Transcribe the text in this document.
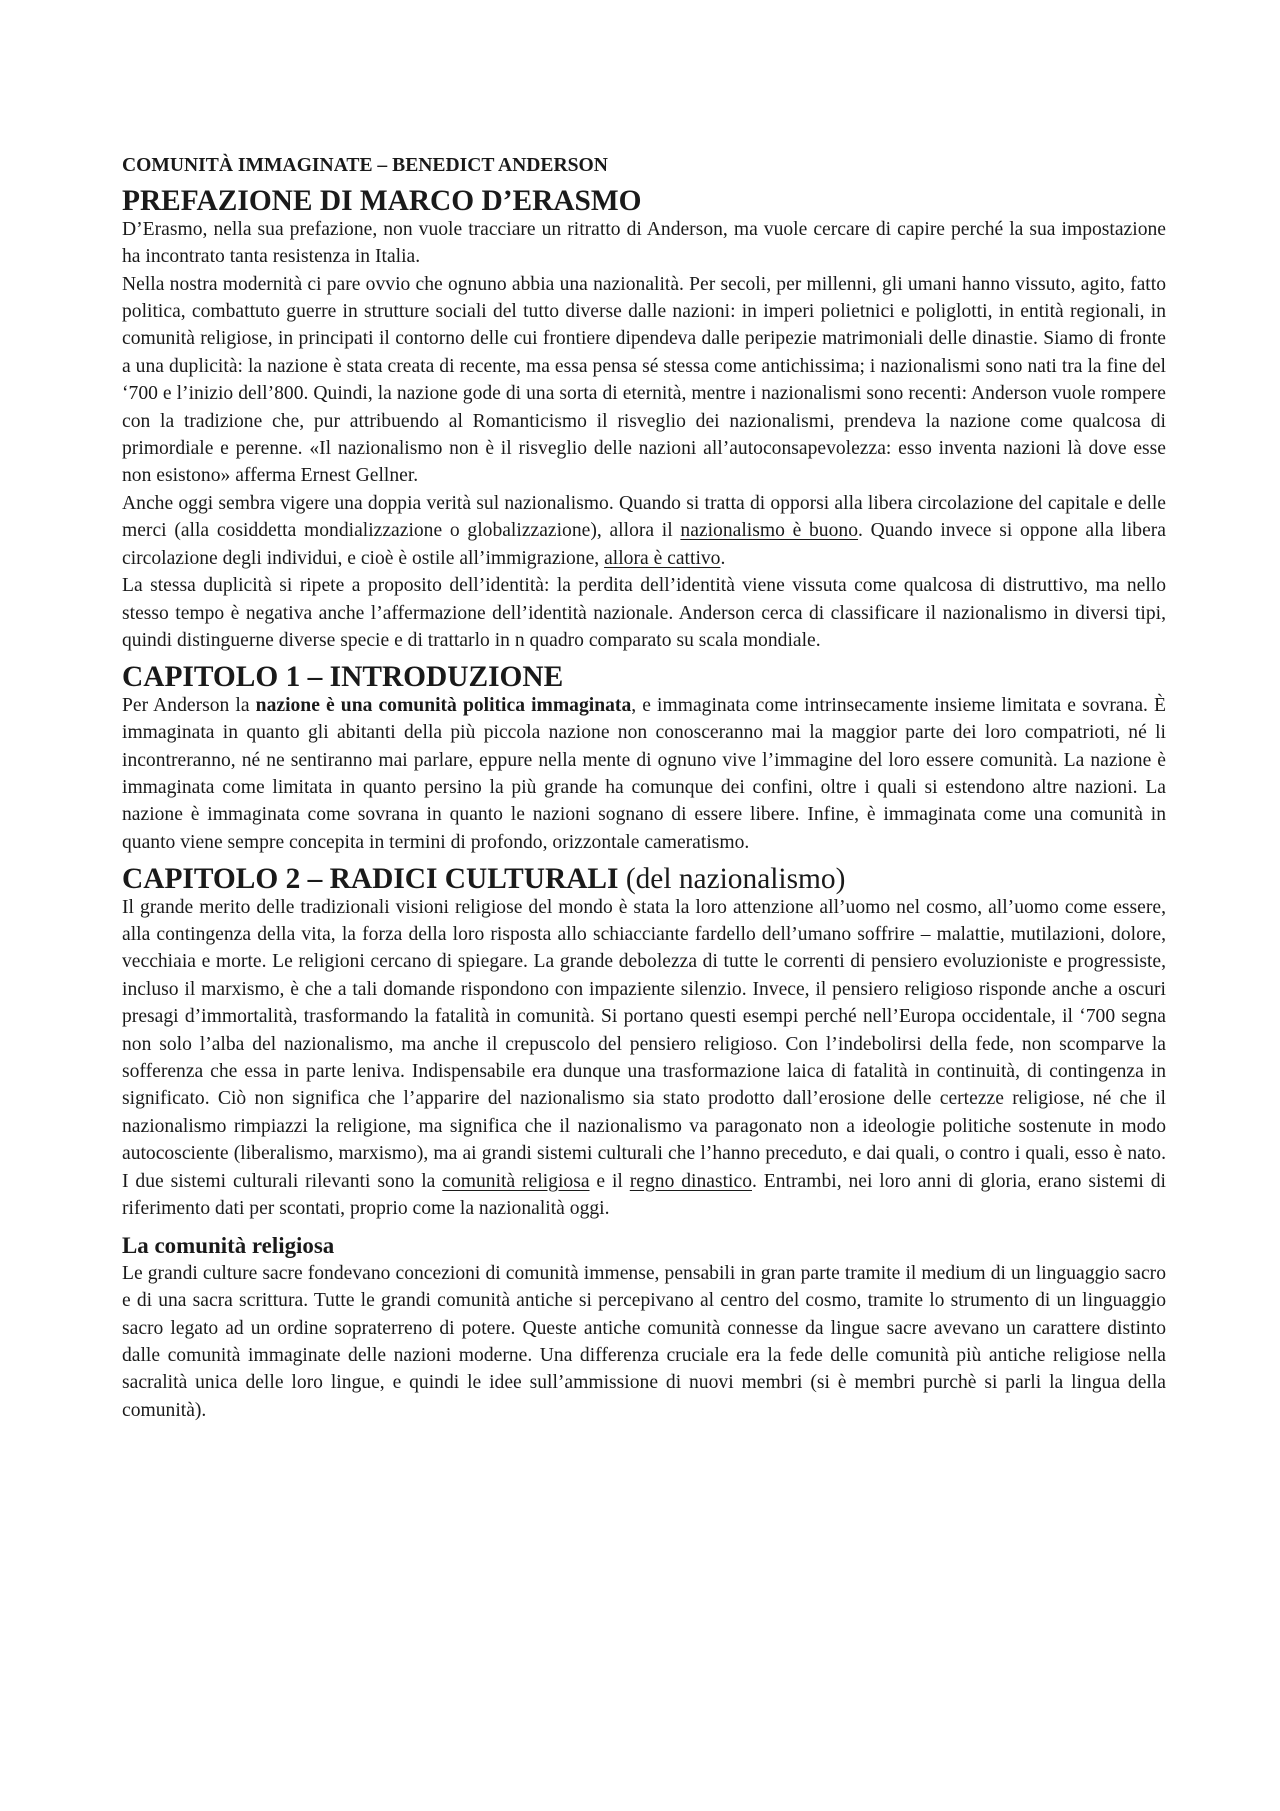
COMUNITÀ IMMAGINATE – BENEDICT ANDERSON
PREFAZIONE DI MARCO D’ERASMO

D’Erasmo, nella sua prefazione, non vuole tracciare un ritratto di Anderson, ma vuole cercare di capire perché la sua impostazione ha incontrato tanta resistenza in Italia.

Nella nostra modernità ci pare ovvio che ognuno abbia una nazionalità. Per secoli, per millenni, gli umani hanno vissuto, agito, fatto politica, combattuto guerre in strutture sociali del tutto diverse dalle nazioni: in imperi polietnici e poliglotti, in entità regionali, in comunità religiose, in principati il contorno delle cui frontiere dipendeva dalle peripezie matrimoniali delle dinastie. Siamo di fronte a una duplicità: la nazione è stata creata di recente, ma essa pensa sé stessa come antichissima; i nazionalismi sono nati tra la fine del ‘700 e l’inizio dell’800. Quindi, la nazione gode di una sorta di eternità, mentre i nazionalismi sono recenti: Anderson vuole rompere con la tradizione che, pur attribuendo al Romanticismo il risveglio dei nazionalismi, prendeva la nazione come qualcosa di primordiale e perenne. «Il nazionalismo non è il risveglio delle nazioni all’autoconsapevolezza: esso inventa nazioni là dove esse non esistono» afferma Ernest Gellner.

Anche oggi sembra vigere una doppia verità sul nazionalismo. Quando si tratta di opporsi alla libera circolazione del capitale e delle merci (alla cosiddetta mondializzazione o globalizzazione), allora il nazionalismo è buono. Quando invece si oppone alla libera circolazione degli individui, e cioè è ostile all’immigrazione, allora è cattivo.

La stessa duplicità si ripete a proposito dell’identità: la perdita dell’identità viene vissuta come qualcosa di distruttivo, ma nello stesso tempo è negativa anche l’affermazione dell’identità nazionale. Anderson cerca di classificare il nazionalismo in diversi tipi, quindi distinguerne diverse specie e di trattarlo in n quadro comparato su scala mondiale.

CAPITOLO 1 – INTRODUZIONE

Per Anderson la nazione è una comunità politica immaginata, e immaginata come intrinsecamente insieme limitata e sovrana. È immaginata in quanto gli abitanti della più piccola nazione non conosceranno mai la maggior parte dei loro compatrioti, né li incontreranno, né ne sentiranno mai parlare, eppure nella mente di ognuno vive l’immagine del loro essere comunità. La nazione è immaginata come limitata in quanto persino la più grande ha comunque dei confini, oltre i quali si estendono altre nazioni. La nazione è immaginata come sovrana in quanto le nazioni sognano di essere libere. Infine, è immaginata come una comunità in quanto viene sempre concepita in termini di profondo, orizzontale cameratismo.

CAPITOLO 2 – RADICI CULTURALI (del nazionalismo)

Il grande merito delle tradizionali visioni religiose del mondo è stata la loro attenzione all’uomo nel cosmo, all’uomo come essere, alla contingenza della vita, la forza della loro risposta allo schiacciante fardello dell’umano soffrire – malattie, mutilazioni, dolore, vecchiaia e morte. Le religioni cercano di spiegare. La grande debolezza di tutte le correnti di pensiero evoluzioniste e progressiste, incluso il marxismo, è che a tali domande rispondono con impaziente silenzio. Invece, il pensiero religioso risponde anche a oscuri presagi d’immortalità, trasformando la fatalità in comunità. Si portano questi esempi perché nell’Europa occidentale, il ‘700 segna non solo l’alba del nazionalismo, ma anche il crepuscolo del pensiero religioso. Con l’indebolirsi della fede, non scomparve la sofferenza che essa in parte leniva. Indispensabile era dunque una trasformazione laica di fatalità in continuità, di contingenza in significato. Ciò non significa che l’apparire del nazionalismo sia stato prodotto dall’erosione delle certezze religiose, né che il nazionalismo rimpiazzi la religione, ma significa che il nazionalismo va paragonato non a ideologie politiche sostenute in modo autocosciente (liberalismo, marxismo), ma ai grandi sistemi culturali che l’hanno preceduto, e dai quali, o contro i quali, esso è nato. I due sistemi culturali rilevanti sono la comunità religiosa e il regno dinastico. Entrambi, nei loro anni di gloria, erano sistemi di riferimento dati per scontati, proprio come la nazionalità oggi.

La comunità religiosa

Le grandi culture sacre fondevano concezioni di comunità immense, pensabili in gran parte tramite il medium di un linguaggio sacro e di una sacra scrittura. Tutte le grandi comunità antiche si percepivano al centro del cosmo, tramite lo strumento di un linguaggio sacro legato ad un ordine sopraterreno di potere. Queste antiche comunità connesse da lingue sacre avevano un carattere distinto dalle comunità immaginate delle nazioni moderne. Una differenza cruciale era la fede delle comunità più antiche religiose nella sacralità unica delle loro lingue, e quindi le idee sull’ammissione di nuovi membri (si è membri purchè si parli la lingua della comunità).
